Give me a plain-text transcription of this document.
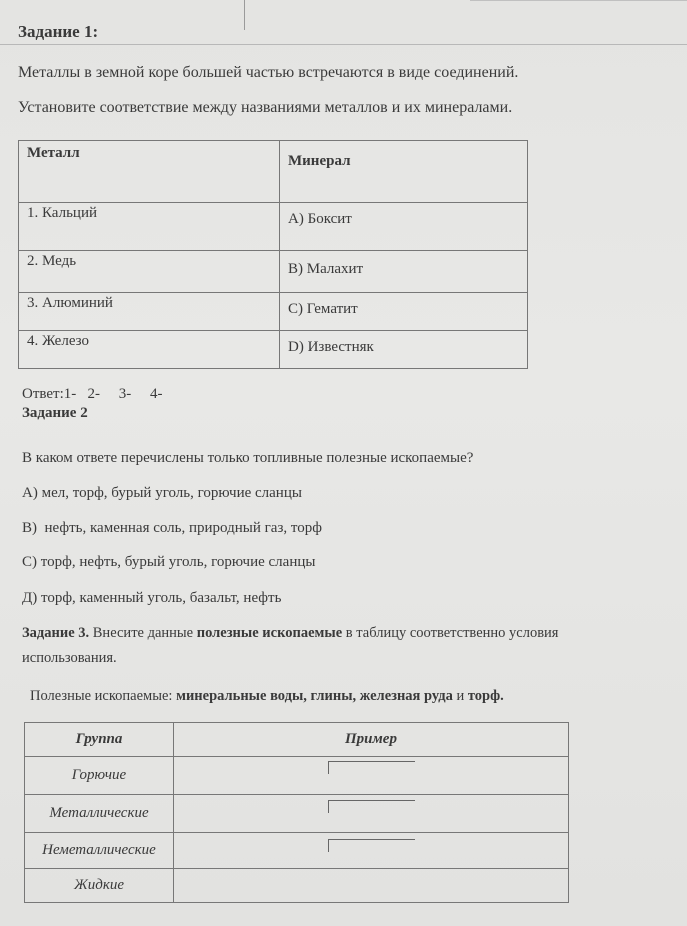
Задание 1:
Металлы в земной коре большей частью встречаются в виде соединений.
Установите соответствие между названиями металлов и их минералами.
Металл	Минерал
1. Кальций	А) Боксит
2. Медь	В) Малахит
3. Алюминий	С) Гематит
4. Железо	D) Известняк
Ответ:1-   2-     3-     4-
Задание 2
В каком ответе перечислены только топливные полезные ископаемые?
А) мел, торф, бурый уголь, горючие сланцы
В)  нефть, каменная соль, природный газ, торф
С) торф, нефть, бурый уголь, горючие сланцы
Д) торф, каменный уголь, базальт, нефть
Задание 3. Внесите данные полезные ископаемые в таблицу соответственно условия
использования.
Полезные ископаемые: минеральные воды, глины, железная руда и торф.
Группа	Пример
Горючие	
Металлические	
Неметаллические	
Жидкие	
